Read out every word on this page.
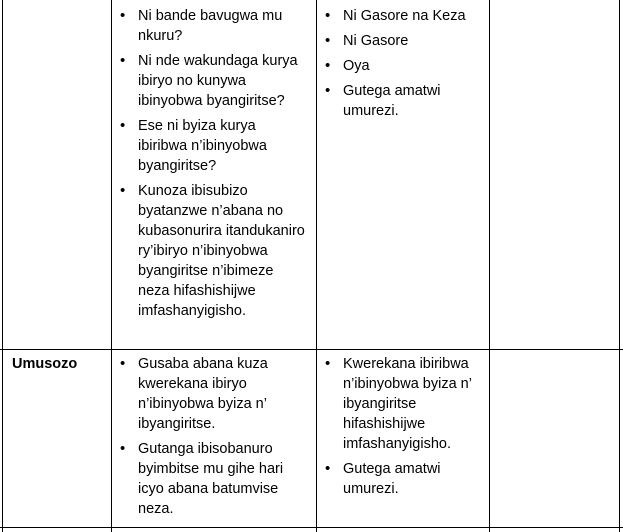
• Ni bande bavugwa mu nkuru?
• Ni nde wakundaga kurya ibiryo no kunywa ibinyobwa byangiritse?
• Ese ni byiza kurya ibiribwa n’ibinyobwa byangiritse?
• Kunoza ibisubizo byatanzwe n’abana no kubasonurira itandukaniro ry’ibiryo n’ibinyobwa byangiritse n’ibimeze neza hifashishijwe imfashanyigisho.
• Ni Gasore na Keza
• Ni Gasore
• Oya
• Gutega amatwi umurezi.
Umusozo
•	Gusaba abana kuza kwerekana ibiryo n’ibinyobwa byiza n’ ibyangiritse.
• Gutanga ibisobanuro byimbitse mu gihe hari icyo abana batumvise neza.
• Kwerekana ibiribwa n’ibinyobwa byiza n’ ibyangiritse hifashishijwe imfashanyigisho.
• Gutega amatwi umurezi.
